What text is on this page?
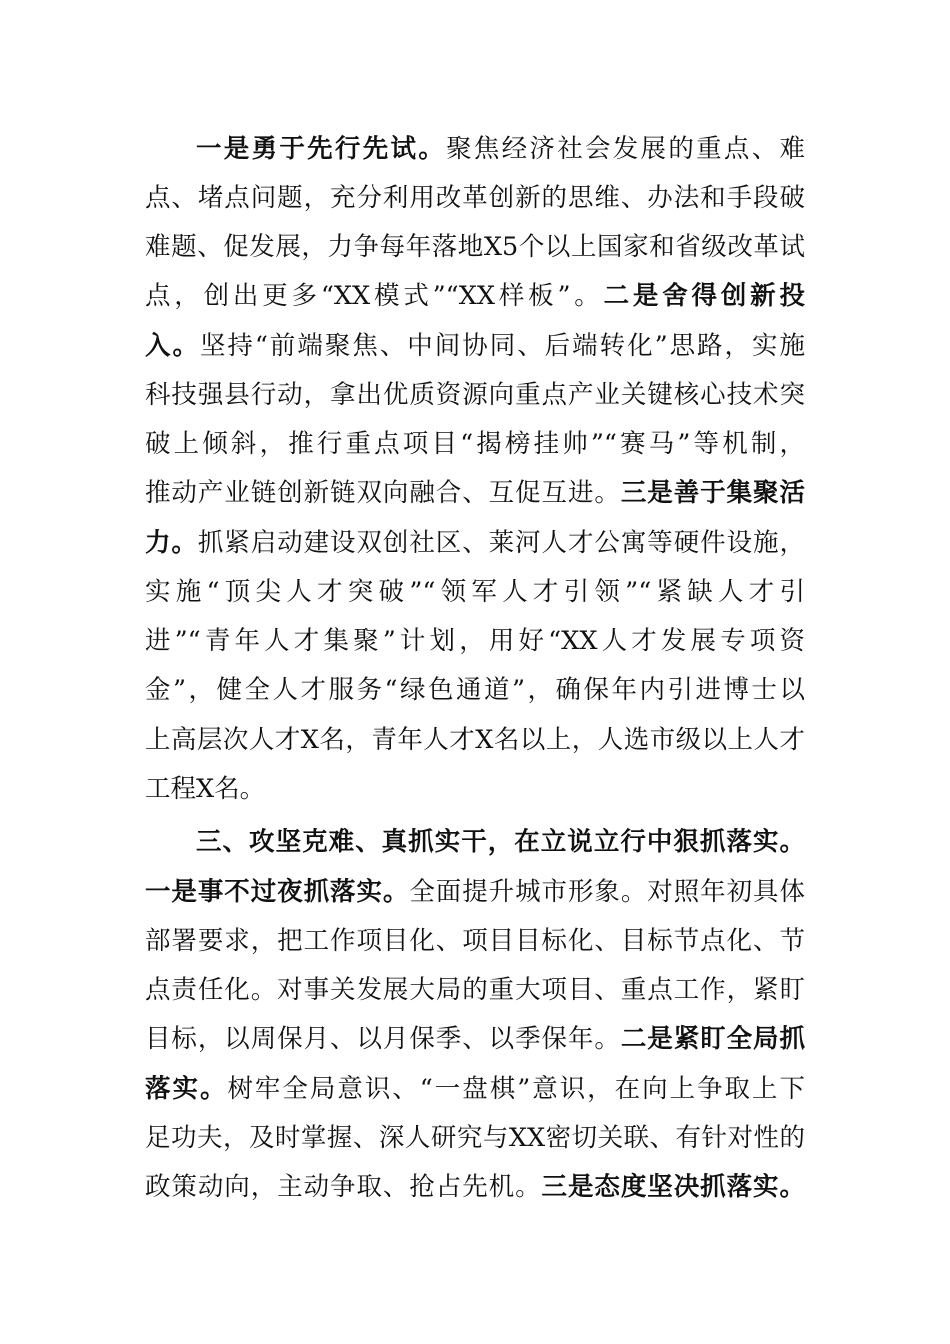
一是勇于先行先试。聚焦经济社会发展的重点、难
点、堵点问题，充分利用改革创新的思维、办法和手段破
难题、促发展，力争每年落地X5个以上国家和省级改革试
点，创出更多“XX模式”“XX样板”。二是舍得创新投
入。坚持“前端聚焦、中间协同、后端转化”思路，实施
科技强县行动，拿出优质资源向重点产业关键核心技术突
破上倾斜，推行重点项目“揭榜挂帅”“赛马”等机制，
推动产业链创新链双向融合、互促互进。三是善于集聚活
力。抓紧启动建设双创社区、莱河人才公寓等硬件设施，
实施“顶尖人才突破”“领军人才引领”“紧缺人才引
进”“青年人才集聚”计划，用好“XX人才发展专项资
金”，健全人才服务“绿色通道”，确保年内引进博士以
上高层次人才X名，青年人才X名以上，人选市级以上人才
工程X名。
三、攻坚克难、真抓实干，在立说立行中狠抓落实。
一是事不过夜抓落实。全面提升城市形象。对照年初具体
部署要求，把工作项目化、项目目标化、目标节点化、节
点责任化。对事关发展大局的重大项目、重点工作，紧盯
目标，以周保月、以月保季、以季保年。二是紧盯全局抓
落实。树牢全局意识、“一盘棋”意识，在向上争取上下
足功夫，及时掌握、深人研究与XX密切关联、有针对性的
政策动向，主动争取、抢占先机。三是态度坚决抓落实。
